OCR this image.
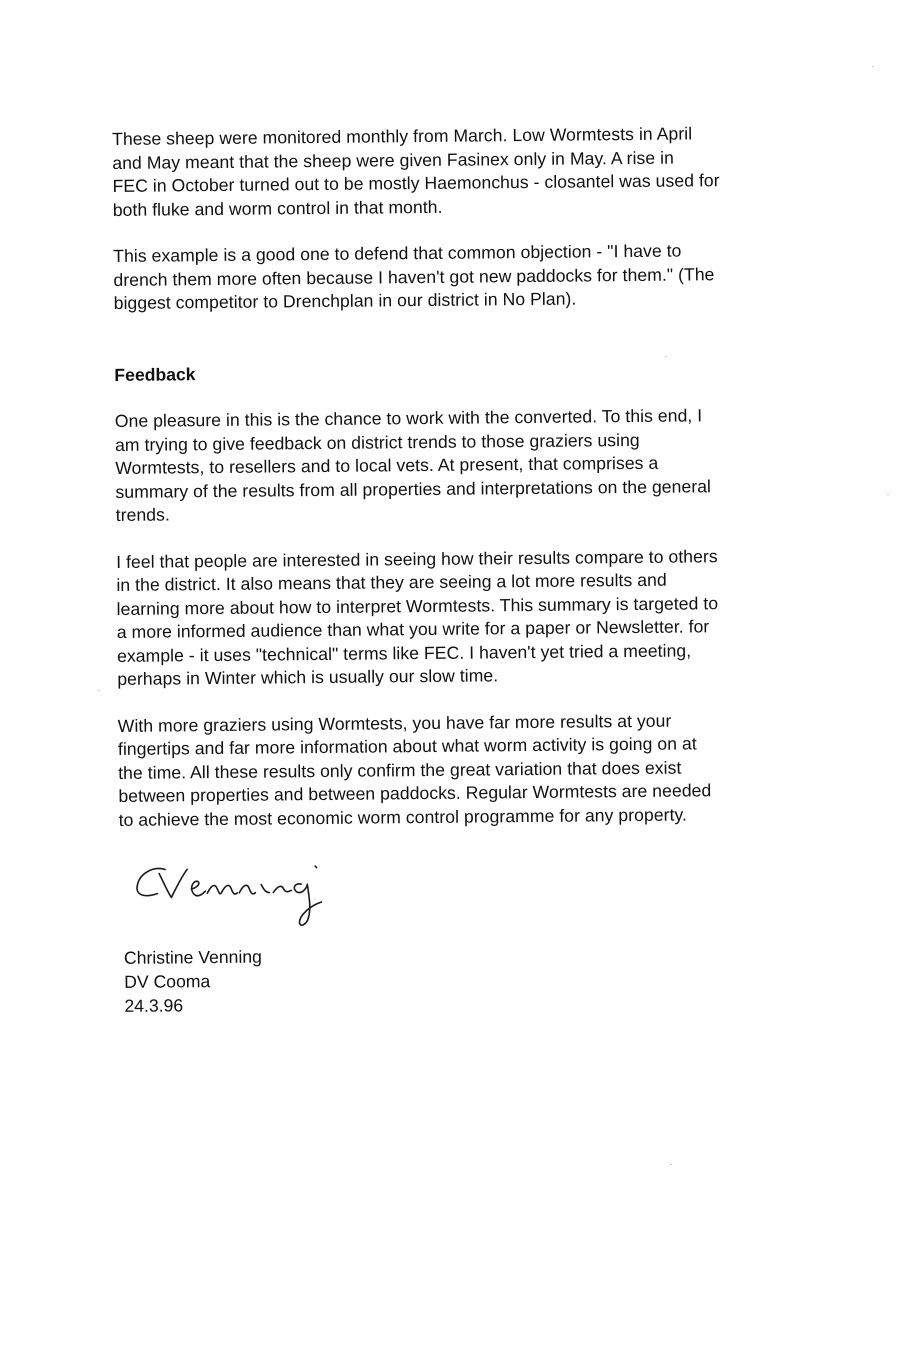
These sheep were monitored monthly from March. Low Wormtests in April
and May meant that the sheep were given Fasinex only in May. A rise in
FEC in October turned out to be mostly Haemonchus - closantel was used for
both fluke and worm control in that month.

This example is a good one to defend that common objection - "I have to
drench them more often because I haven't got new paddocks for them." (The
biggest competitor to Drenchplan in our district in No Plan).

Feedback

One pleasure in this is the chance to work with the converted. To this end, I
am trying to give feedback on district trends to those graziers using
Wormtests, to resellers and to local vets. At present, that comprises a
summary of the results from all properties and interpretations on the general
trends.

I feel that people are interested in seeing how their results compare to others
in the district. It also means that they are seeing a lot more results and
learning more about how to interpret Wormtests. This summary is targeted to
a more informed audience than what you write for a paper or Newsletter. for
example - it uses "technical" terms like FEC. I haven't yet tried a meeting,
perhaps in Winter which is usually our slow time.

With more graziers using Wormtests, you have far more results at your
fingertips and far more information about what worm activity is going on at
the time. All these results only confirm the great variation that does exist
between properties and between paddocks. Regular Wormtests are needed
to achieve the most economic worm control programme for any property.

Christine Venning
DV Cooma
24.3.96
